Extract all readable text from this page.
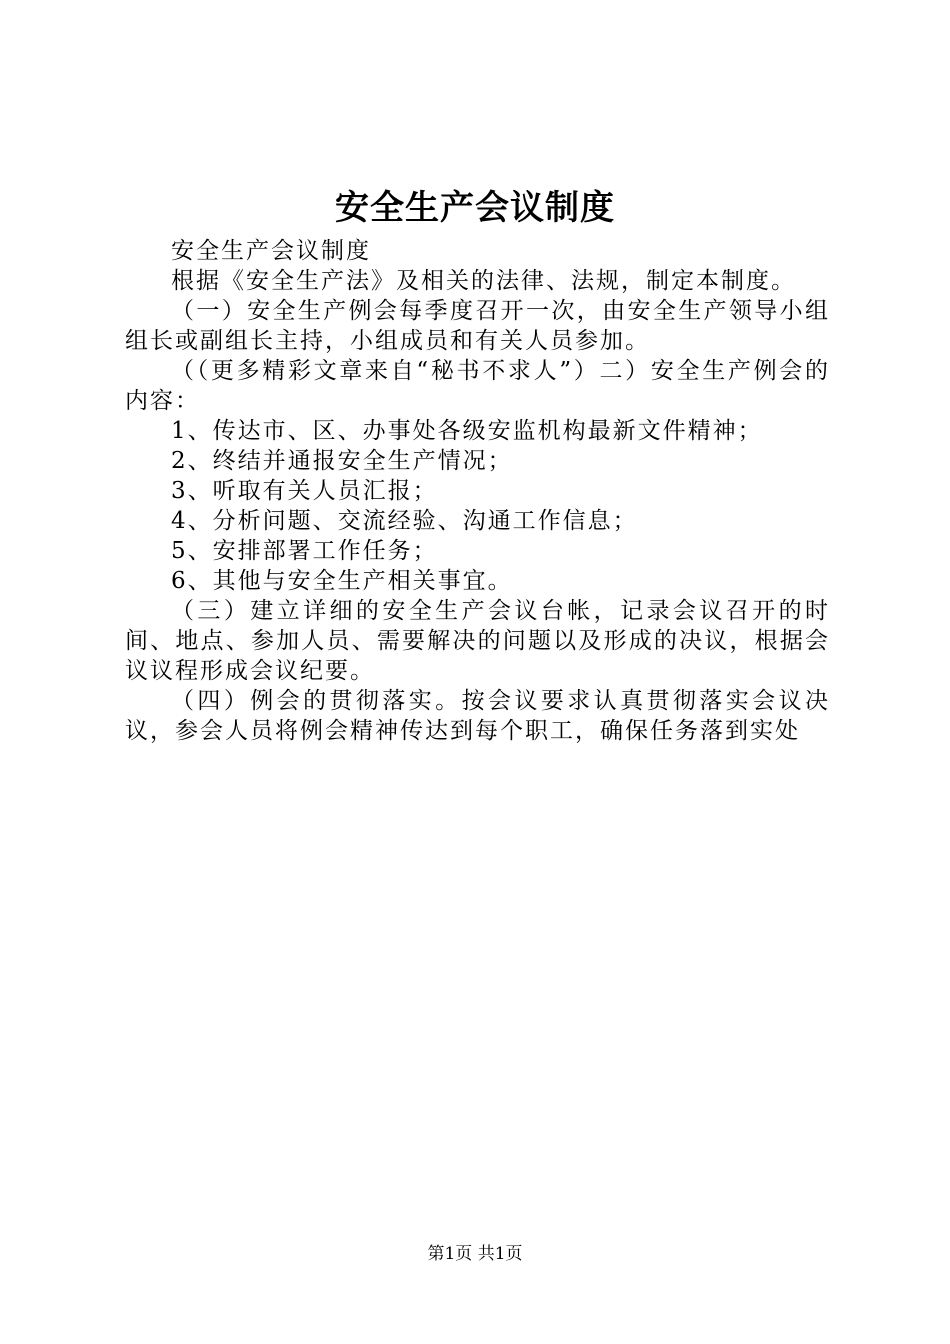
安全生产会议制度

安全生产会议制度

根据《安全生产法》及相关的法律、法规，制定本制度。

（一）安全生产例会每季度召开一次，由安全生产领导小组组长或副组长主持，小组成员和有关人员参加。

（（更多精彩文章来自“秘书不求人”）二）安全生产例会的内容：

1、传达市、区、办事处各级安监机构最新文件精神；

2、终结并通报安全生产情况；

3、听取有关人员汇报；

4、分析问题、交流经验、沟通工作信息；

5、安排部署工作任务；

6、其他与安全生产相关事宜。

（三）建立详细的安全生产会议台帐，记录会议召开的时间、地点、参加人员、需要解决的问题以及形成的决议，根据会议议程形成会议纪要。

（四）例会的贯彻落实。按会议要求认真贯彻落实会议决议，参会人员将例会精神传达到每个职工，确保任务落到实处

第1页 共1页
